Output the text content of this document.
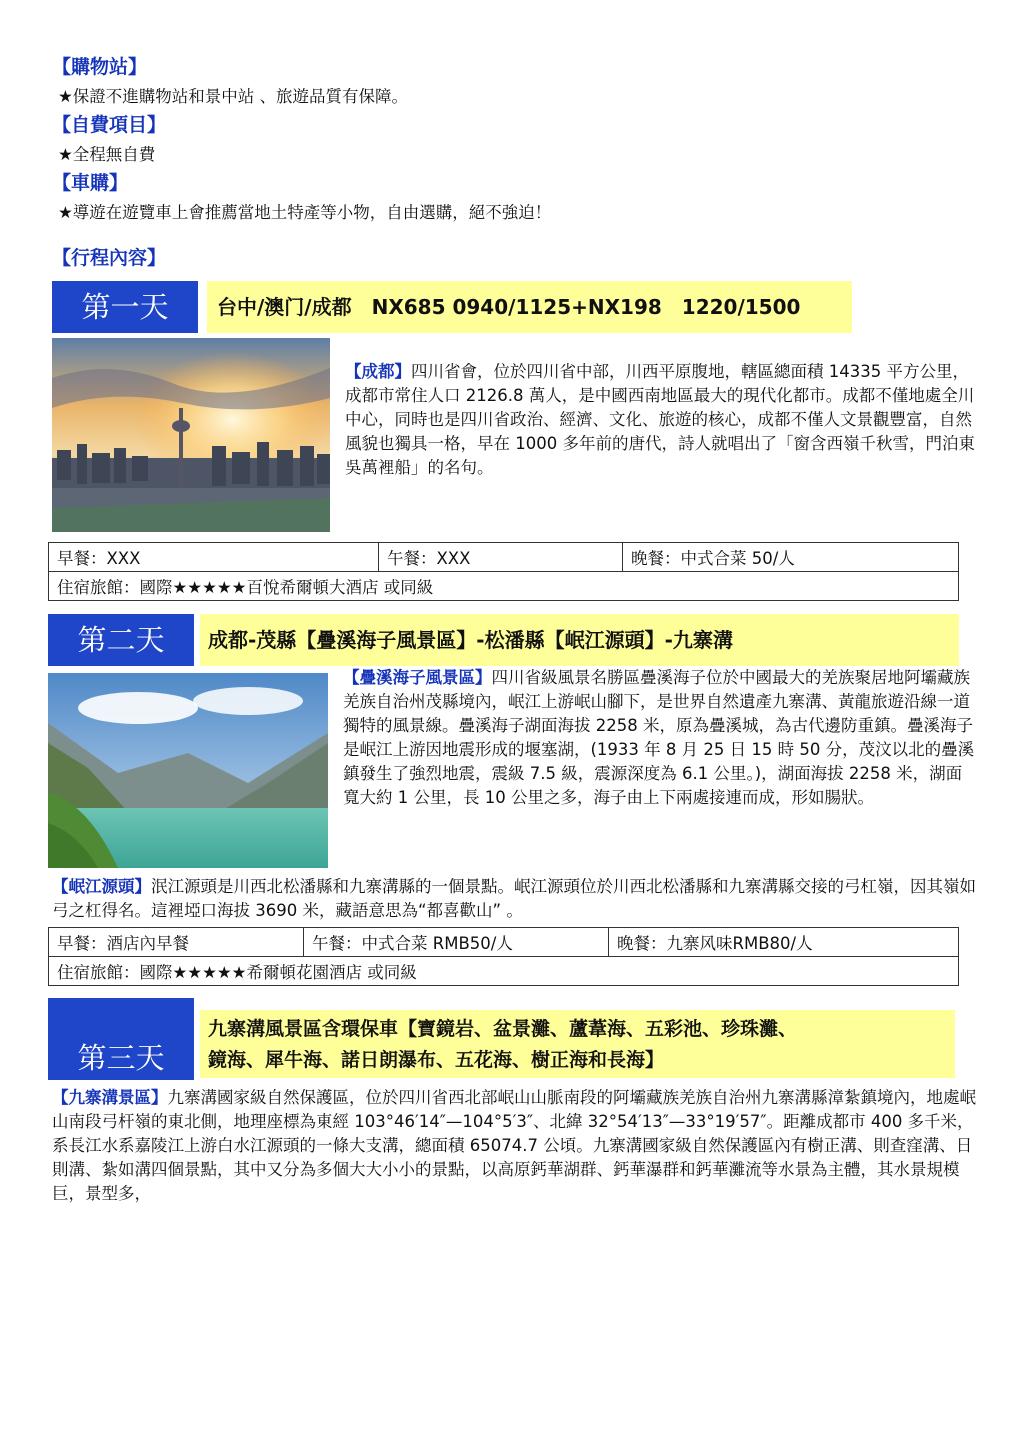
【購物站】
★保證不進購物站和景中站 、旅遊品質有保障。
【自費項目】
★全程無自費
【車購】
★導遊在遊覽車上會推薦當地土特產等小物，自由選購，絕不強迫！
【行程內容】
第一天	台中/澳门/成都　NX685 0940/1125+NX198　1220/1500

【成都】四川省會，位於四川省中部，川西平原腹地，轄區總面積 14335 平方公里，成都市常住人口 2126.8 萬人，是中國西南地區最大的現代化都市。成都不僅地處全川中心，同時也是四川省政治、經濟、文化、旅遊的核心，成都不僅人文景觀豐富，自然風貌也獨具一格，早在 1000 多年前的唐代，詩人就唱出了「窗含西嶺千秋雪，門泊東吳萬裡船」的名句。

早餐：XXX	午餐：XXX	晚餐：中式合菜 50/人
住宿旅館：國際★★★★★百悅希爾頓大酒店 或同級
第二天	成都-茂縣【疊溪海子風景區】-松潘縣【岷江源頭】-九寨溝

【疊溪海子風景區】四川省級風景名勝區疊溪海子位於中國最大的羌族聚居地阿壩藏族羌族自治州茂縣境內，岷江上游岷山腳下，是世界自然遺產九寨溝、黃龍旅遊沿線一道獨特的風景線。疊溪海子湖面海拔 2258 米，原為疊溪城，為古代邊防重鎮。疊溪海子是岷江上游因地震形成的堰塞湖，(1933 年 8 月 25 日 15 時 50 分，茂汶以北的疊溪鎮發生了強烈地震，震級 7.5 級，震源深度為 6.1 公里。)，湖面海拔 2258 米，湖面寬大約 1 公里，長 10 公里之多，海子由上下兩處接連而成，形如腸狀。

【岷江源頭】泯江源頭是川西北松潘縣和九寨溝縣的一個景點。岷江源頭位於川西北松潘縣和九寨溝縣交接的弓杠嶺，因其嶺如弓之杠得名。這裡埡口海拔 3690 米，藏語意思為“都喜歡山” 。

早餐：酒店內早餐	午餐：中式合菜 RMB50/人	晚餐：九寨风味RMB80/人
住宿旅館：國際★★★★★希爾頓花園酒店 或同級
第三天
九寨溝風景區含環保車【寶鏡岩、盆景灘、蘆葦海、五彩池、珍珠灘、
鏡海、犀牛海、諾日朗瀑布、五花海、樹正海和長海】

【九寨溝景區】九寨溝國家級自然保護區，位於四川省西北部岷山山脈南段的阿壩藏族羌族自治州九寨溝縣漳紮鎮境內，地處岷山南段弓杆嶺的東北側，地理座標為東經 103°46′14″—104°5′3″、北緯 32°54′13″—33°19′57″。距離成都市 400 多千米，系長江水系嘉陵江上游白水江源頭的一條大支溝，總面積 65074.7 公頃。九寨溝國家級自然保護區內有樹正溝、則查窪溝、日則溝、紮如溝四個景點，其中又分為多個大大小小的景點，以高原鈣華湖群、鈣華瀑群和鈣華灘流等水景為主體，其水景規模巨，景型多，
